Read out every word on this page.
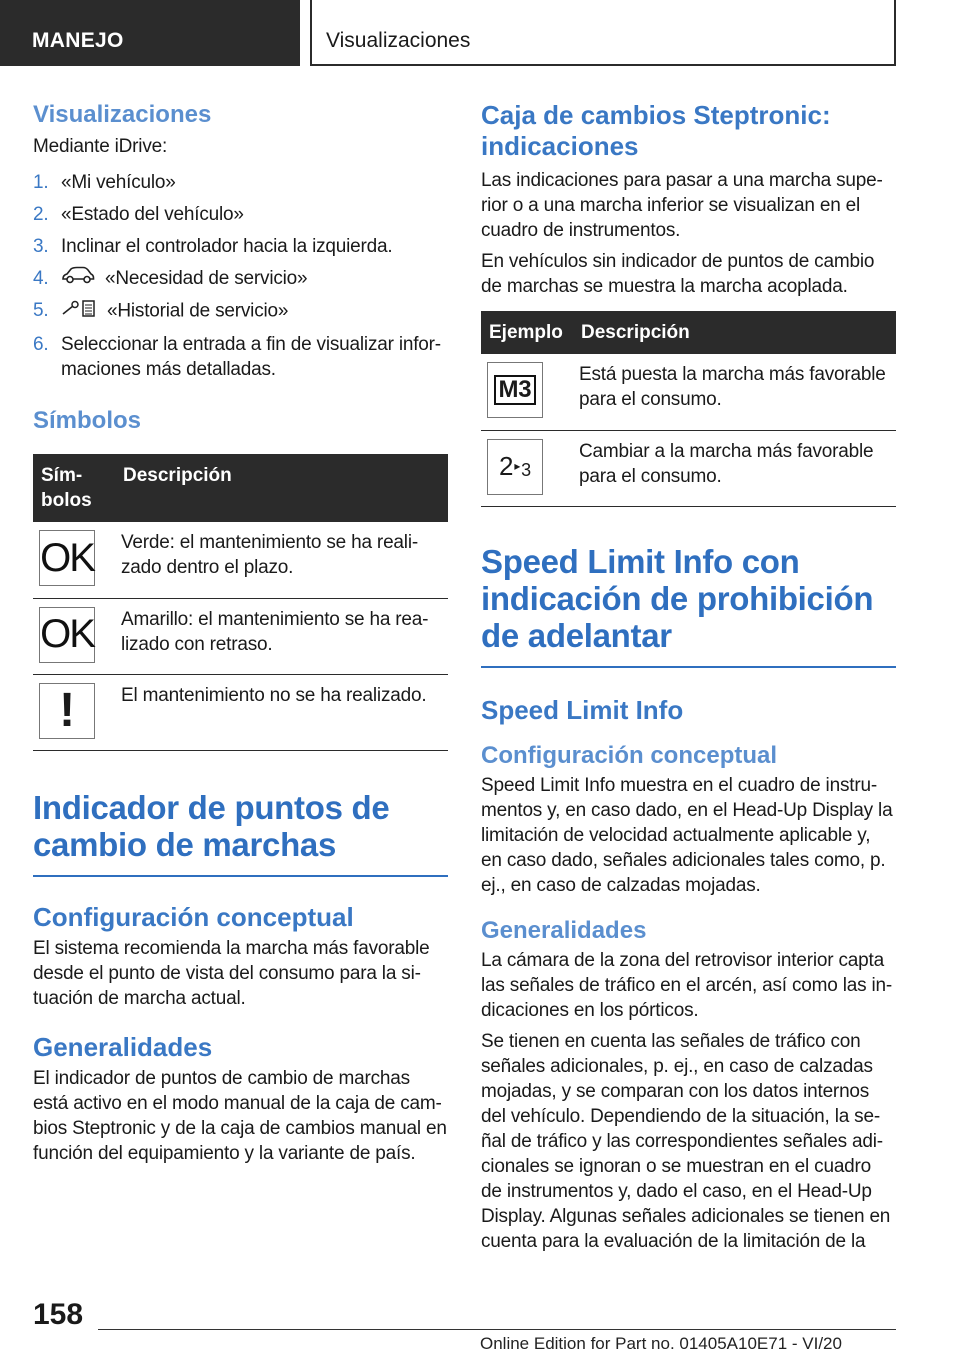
MANEJO	Visualizaciones
Visualizaciones
Mediante iDrive:
1. «Mi vehículo»
2. «Estado del vehículo»
3. Inclinar el controlador hacia la izquierda.
4.	«Necesidad de servicio»
5.	«Historial de servicio»
6. Seleccionar la entrada a fin de visualizar infor-maciones más detalladas.
Símbolos
Sím-bolos	Descripción

OK	Verde: el mantenimiento se ha reali-zado dentro el plazo.

OK	Amarillo: el mantenimiento se ha rea-lizado con retraso.

!	El mantenimiento no se ha realizado.
Indicador de puntos de cambio de marchas
Configuración conceptual
El sistema recomienda la marcha más favorable desde el punto de vista del consumo para la si-tuación de marcha actual.
Generalidades
El indicador de puntos de cambio de marchas está activo en el modo manual de la caja de cam-bios Steptronic y de la caja de cambios manual en función del equipamiento y la variante de país.
Caja de cambios Steptronic: indicaciones
Las indicaciones para pasar a una marcha supe-rior o a una marcha inferior se visualizan en el cuadro de instrumentos.
En vehículos sin indicador de puntos de cambio de marchas se muestra la marcha acoplada.
Ejemplo	Descripción

M3	Está puesta la marcha más favorable para el consumo.

2 ▸ 3	Cambiar a la marcha más favorable para el consumo.
Speed Limit Info con indicación de prohibición de adelantar
Speed Limit Info
Configuración conceptual
Speed Limit Info muestra en el cuadro de instru-mentos y, en caso dado, en el Head-Up Display la limitación de velocidad actualmente aplicable y, en caso dado, señales adicionales tales como, p. ej., en caso de calzadas mojadas.
Generalidades
La cámara de la zona del retrovisor interior capta las señales de tráfico en el arcén, así como las in-dicaciones en los pórticos.
Se tienen en cuenta las señales de tráfico con señales adicionales, p. ej., en caso de calzadas mojadas, y se comparan con los datos internos del vehículo. Dependiendo de la situación, la se-ñal de tráfico y las correspondientes señales adi-cionales se ignoran o se muestran en el cuadro de instrumentos y, dado el caso, en el Head-Up Display. Algunas señales adicionales se tienen en cuenta para la evaluación de la limitación de la
158
Online Edition for Part no. 01405A10E71 - VI/20
